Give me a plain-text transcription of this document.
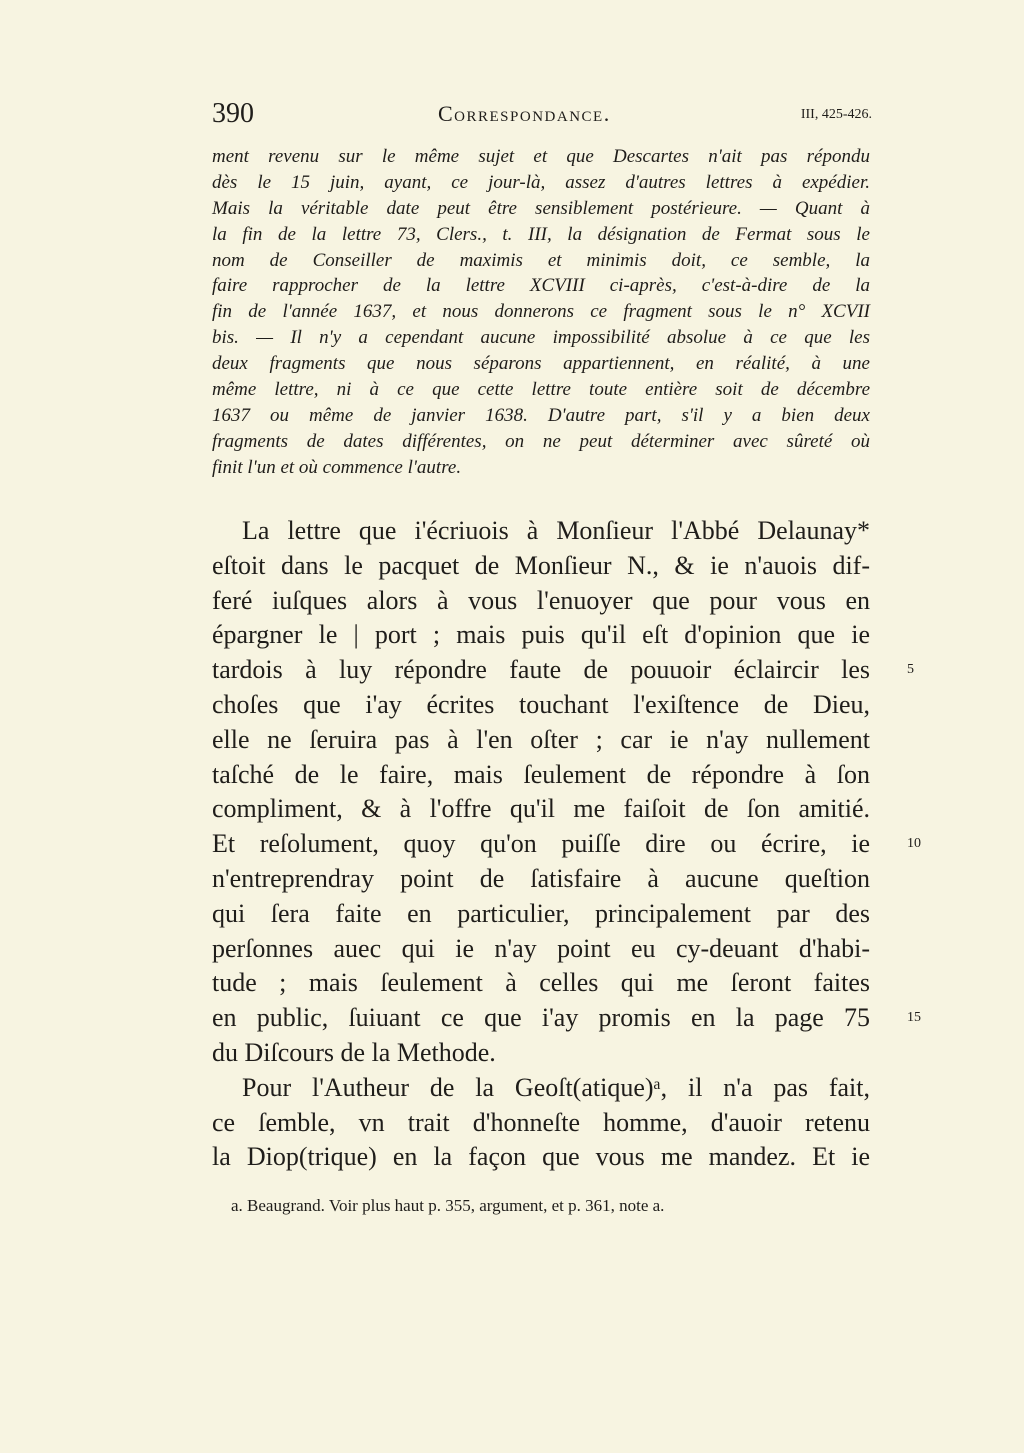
390	Correspondance.	III, 425-426.
ment revenu sur le même sujet et que Descartes n'ait pas répondu
dès le 15 juin, ayant, ce jour-là, assez d'autres lettres à expédier.
Mais la véritable date peut être sensiblement postérieure. — Quant à
la fin de la lettre 73, Clers., t. III, la désignation de Fermat sous le
nom de Conseiller de maximis et minimis doit, ce semble, la
faire rapprocher de la lettre XCVIII ci-après, c'est-à-dire de la
fin de l'année 1637, et nous donnerons ce fragment sous le n° XCVII
bis. — Il n'y a cependant aucune impossibilité absolue à ce que les
deux fragments que nous séparons appartiennent, en réalité, à une
même lettre, ni à ce que cette lettre toute entière soit de décembre
1637 ou même de janvier 1638. D'autre part, s'il y a bien deux
fragments de dates différentes, on ne peut déterminer avec sûreté où
finit l'un et où commence l'autre.
La lettre que i'écriuois à Monſieur l'Abbé Delaunay*
eſtoit dans le pacquet de Monſieur N., & ie n'auois dif-
feré iuſques alors à vous l'enuoyer que pour vous en
épargner le | port ; mais puis qu'il eſt d'opinion que ie
tardois à luy répondre faute de pouuoir éclaircir les	5
choſes que i'ay écrites touchant l'exiſtence de Dieu,
elle ne ſeruira pas à l'en oſter ; car ie n'ay nullement
taſché de le faire, mais ſeulement de répondre à ſon
compliment, & à l'offre qu'il me faiſoit de ſon amitié.
Et reſolument, quoy qu'on puiſſe dire ou écrire, ie	10
n'entreprendray point de ſatisfaire à aucune queſtion
qui ſera faite en particulier, principalement par des
perſonnes auec qui ie n'ay point eu cy-deuant d'habi-
tude ; mais ſeulement à celles qui me ſeront faites
en public, ſuiuant ce que i'ay promis en la page 75	15
du Diſcours de la Methode.
Pour l'Autheur de la Geoſt(atique)ᵃ, il n'a pas fait,
ce ſemble, vn trait d'honneſte homme, d'auoir retenu
la Diop(trique) en la façon que vous me mandez. Et ie
a. Beaugrand. Voir plus haut p. 355, argument, et p. 361, note a.
